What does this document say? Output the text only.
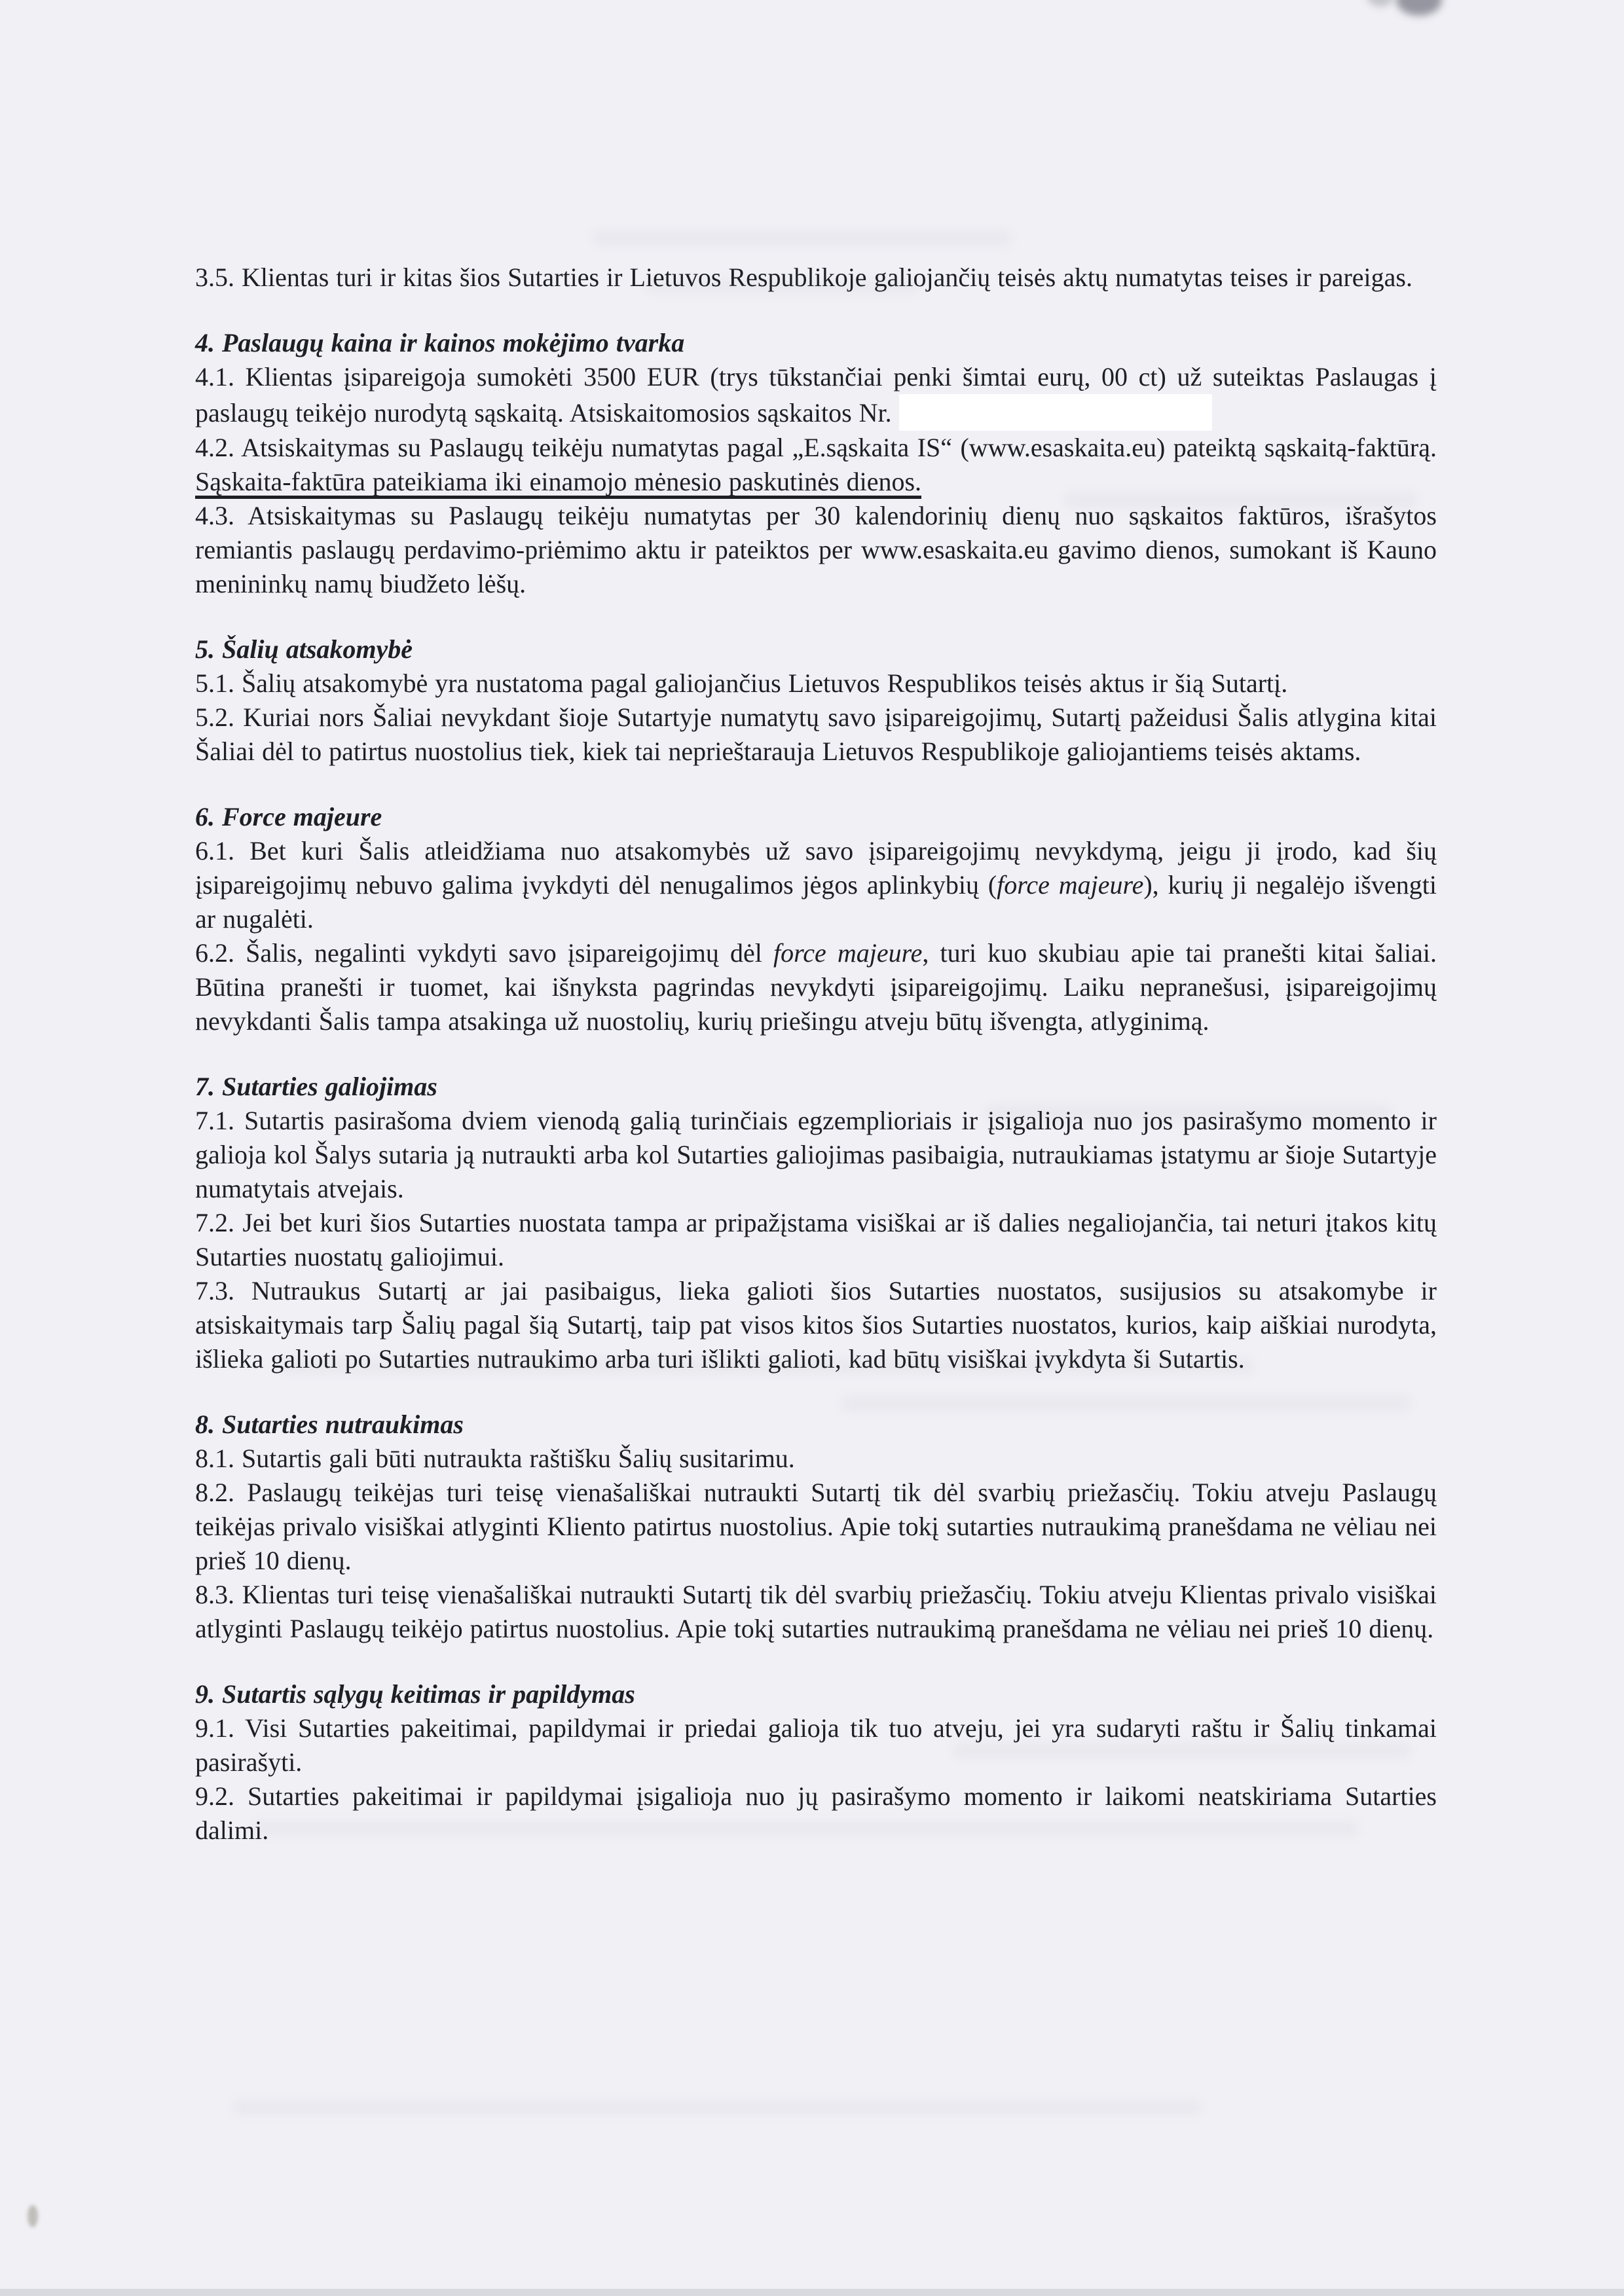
3.5. Klientas turi ir kitas šios Sutarties ir Lietuvos Respublikoje galiojančių teisės aktų numatytas teises ir pareigas.

4. Paslaugų kaina ir kainos mokėjimo tvarka

4.1. Klientas įsipareigoja sumokėti 3500 EUR (trys tūkstančiai penki šimtai eurų, 00 ct) už suteiktas Paslaugas į paslaugų teikėjo nurodytą sąskaitą. Atsiskaitomosios sąskaitos Nr.

4.2. Atsiskaitymas su Paslaugų teikėju numatytas pagal „E.sąskaita IS“ (www.esaskaita.eu) pateiktą sąskaitą-faktūrą. Sąskaita-faktūra pateikiama iki einamojo mėnesio paskutinės dienos.

4.3. Atsiskaitymas su Paslaugų teikėju numatytas per 30 kalendorinių dienų nuo sąskaitos faktūros, išrašytos remiantis paslaugų perdavimo-priėmimo aktu ir pateiktos per www.esaskaita.eu gavimo dienos, sumokant iš Kauno menininkų namų biudžeto lėšų.

5. Šalių atsakomybė

5.1. Šalių atsakomybė yra nustatoma pagal galiojančius Lietuvos Respublikos teisės aktus ir šią Sutartį.

5.2. Kuriai nors Šaliai nevykdant šioje Sutartyje numatytų savo įsipareigojimų, Sutartį pažeidusi Šalis atlygina kitai Šaliai dėl to patirtus nuostolius tiek, kiek tai neprieštarauja Lietuvos Respublikoje galiojantiems teisės aktams.

6. Force majeure

6.1. Bet kuri Šalis atleidžiama nuo atsakomybės už savo įsipareigojimų nevykdymą, jeigu ji įrodo, kad šių įsipareigojimų nebuvo galima įvykdyti dėl nenugalimos jėgos aplinkybių (force majeure), kurių ji negalėjo išvengti ar nugalėti.

6.2. Šalis, negalinti vykdyti savo įsipareigojimų dėl force majeure, turi kuo skubiau apie tai pranešti kitai šaliai. Būtina pranešti ir tuomet, kai išnyksta pagrindas nevykdyti įsipareigojimų. Laiku nepranešusi, įsipareigojimų nevykdanti Šalis tampa atsakinga už nuostolių, kurių priešingu atveju būtų išvengta, atlyginimą.

7. Sutarties galiojimas

7.1. Sutartis pasirašoma dviem vienodą galią turinčiais egzemplioriais ir įsigalioja nuo jos pasirašymo momento ir galioja kol Šalys sutaria ją nutraukti arba kol Sutarties galiojimas pasibaigia, nutraukiamas įstatymu ar šioje Sutartyje numatytais atvejais.

7.2. Jei bet kuri šios Sutarties nuostata tampa ar pripažįstama visiškai ar iš dalies negaliojančia, tai neturi įtakos kitų Sutarties nuostatų galiojimui.

7.3. Nutraukus Sutartį ar jai pasibaigus, lieka galioti šios Sutarties nuostatos, susijusios su atsakomybe ir atsiskaitymais tarp Šalių pagal šią Sutartį, taip pat visos kitos šios Sutarties nuostatos, kurios, kaip aiškiai nurodyta, išlieka galioti po Sutarties nutraukimo arba turi išlikti galioti, kad būtų visiškai įvykdyta ši Sutartis.

8. Sutarties nutraukimas

8.1. Sutartis gali būti nutraukta raštišku Šalių susitarimu.

8.2. Paslaugų teikėjas turi teisę vienašališkai nutraukti Sutartį tik dėl svarbių priežasčių. Tokiu atveju Paslaugų teikėjas privalo visiškai atlyginti Kliento patirtus nuostolius. Apie tokį sutarties nutraukimą pranešdama ne vėliau nei prieš 10 dienų.

8.3. Klientas turi teisę vienašališkai nutraukti Sutartį tik dėl svarbių priežasčių. Tokiu atveju Klientas privalo visiškai atlyginti Paslaugų teikėjo patirtus nuostolius. Apie tokį sutarties nutraukimą pranešdama ne vėliau nei prieš 10 dienų.

9. Sutartis sąlygų keitimas ir papildymas

9.1. Visi Sutarties pakeitimai, papildymai ir priedai galioja tik tuo atveju, jei yra sudaryti raštu ir Šalių tinkamai pasirašyti.

9.2. Sutarties pakeitimai ir papildymai įsigalioja nuo jų pasirašymo momento ir laikomi neatskiriama Sutarties dalimi.
